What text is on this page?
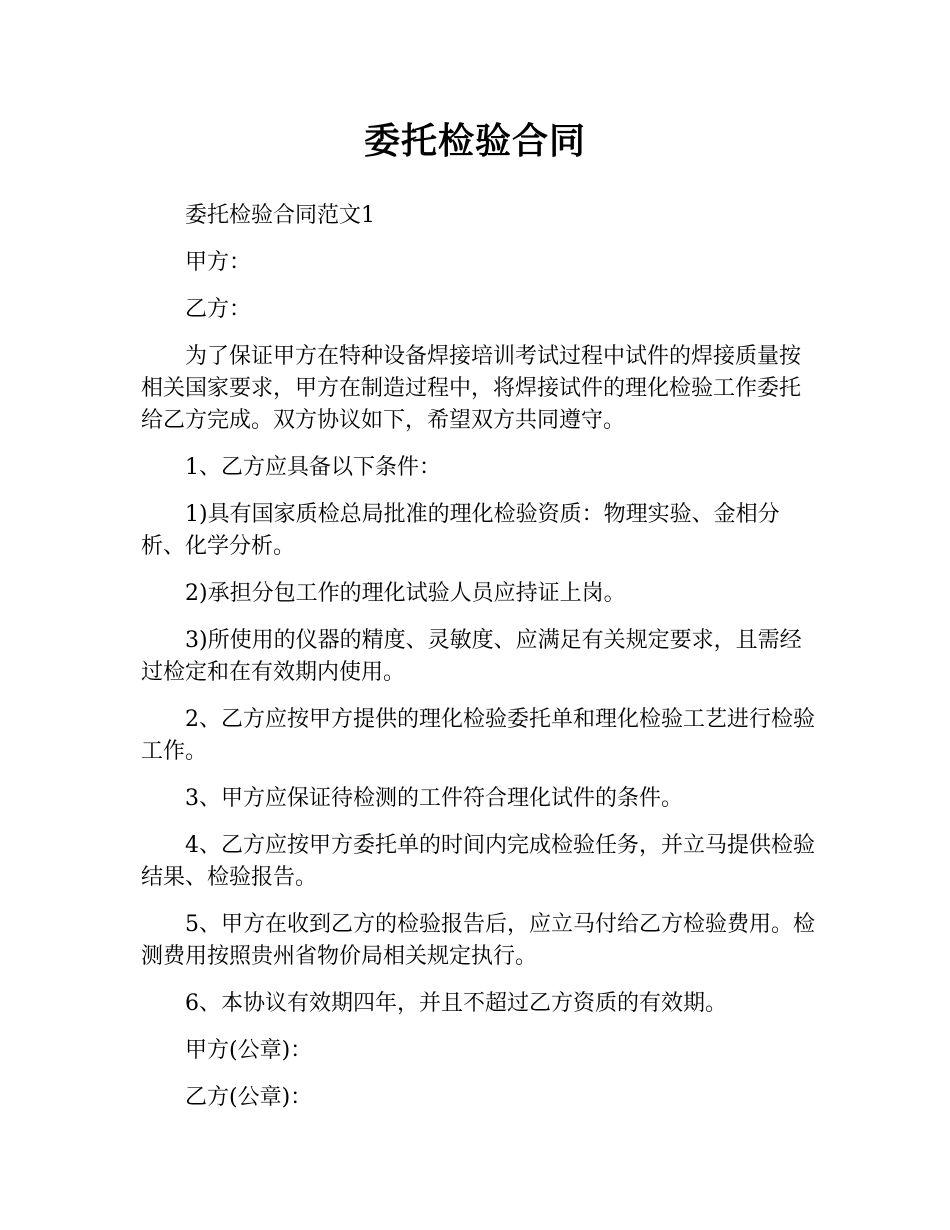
委托检验合同

委托检验合同范文1

甲方：

乙方：

为了保证甲方在特种设备焊接培训考试过程中试件的焊接质量按相关国家要求，甲方在制造过程中，将焊接试件的理化检验工作委托给乙方完成。双方协议如下，希望双方共同遵守。

1、乙方应具备以下条件：

1)具有国家质检总局批准的理化检验资质：物理实验、金相分析、化学分析。

2)承担分包工作的理化试验人员应持证上岗。

3)所使用的仪器的精度、灵敏度、应满足有关规定要求，且需经过检定和在有效期内使用。

2、乙方应按甲方提供的理化检验委托单和理化检验工艺进行检验工作。

3、甲方应保证待检测的工件符合理化试件的条件。

4、乙方应按甲方委托单的时间内完成检验任务，并立马提供检验结果、检验报告。

5、甲方在收到乙方的检验报告后，应立马付给乙方检验费用。检测费用按照贵州省物价局相关规定执行。

6、本协议有效期四年，并且不超过乙方资质的有效期。

甲方(公章)：

乙方(公章)：
